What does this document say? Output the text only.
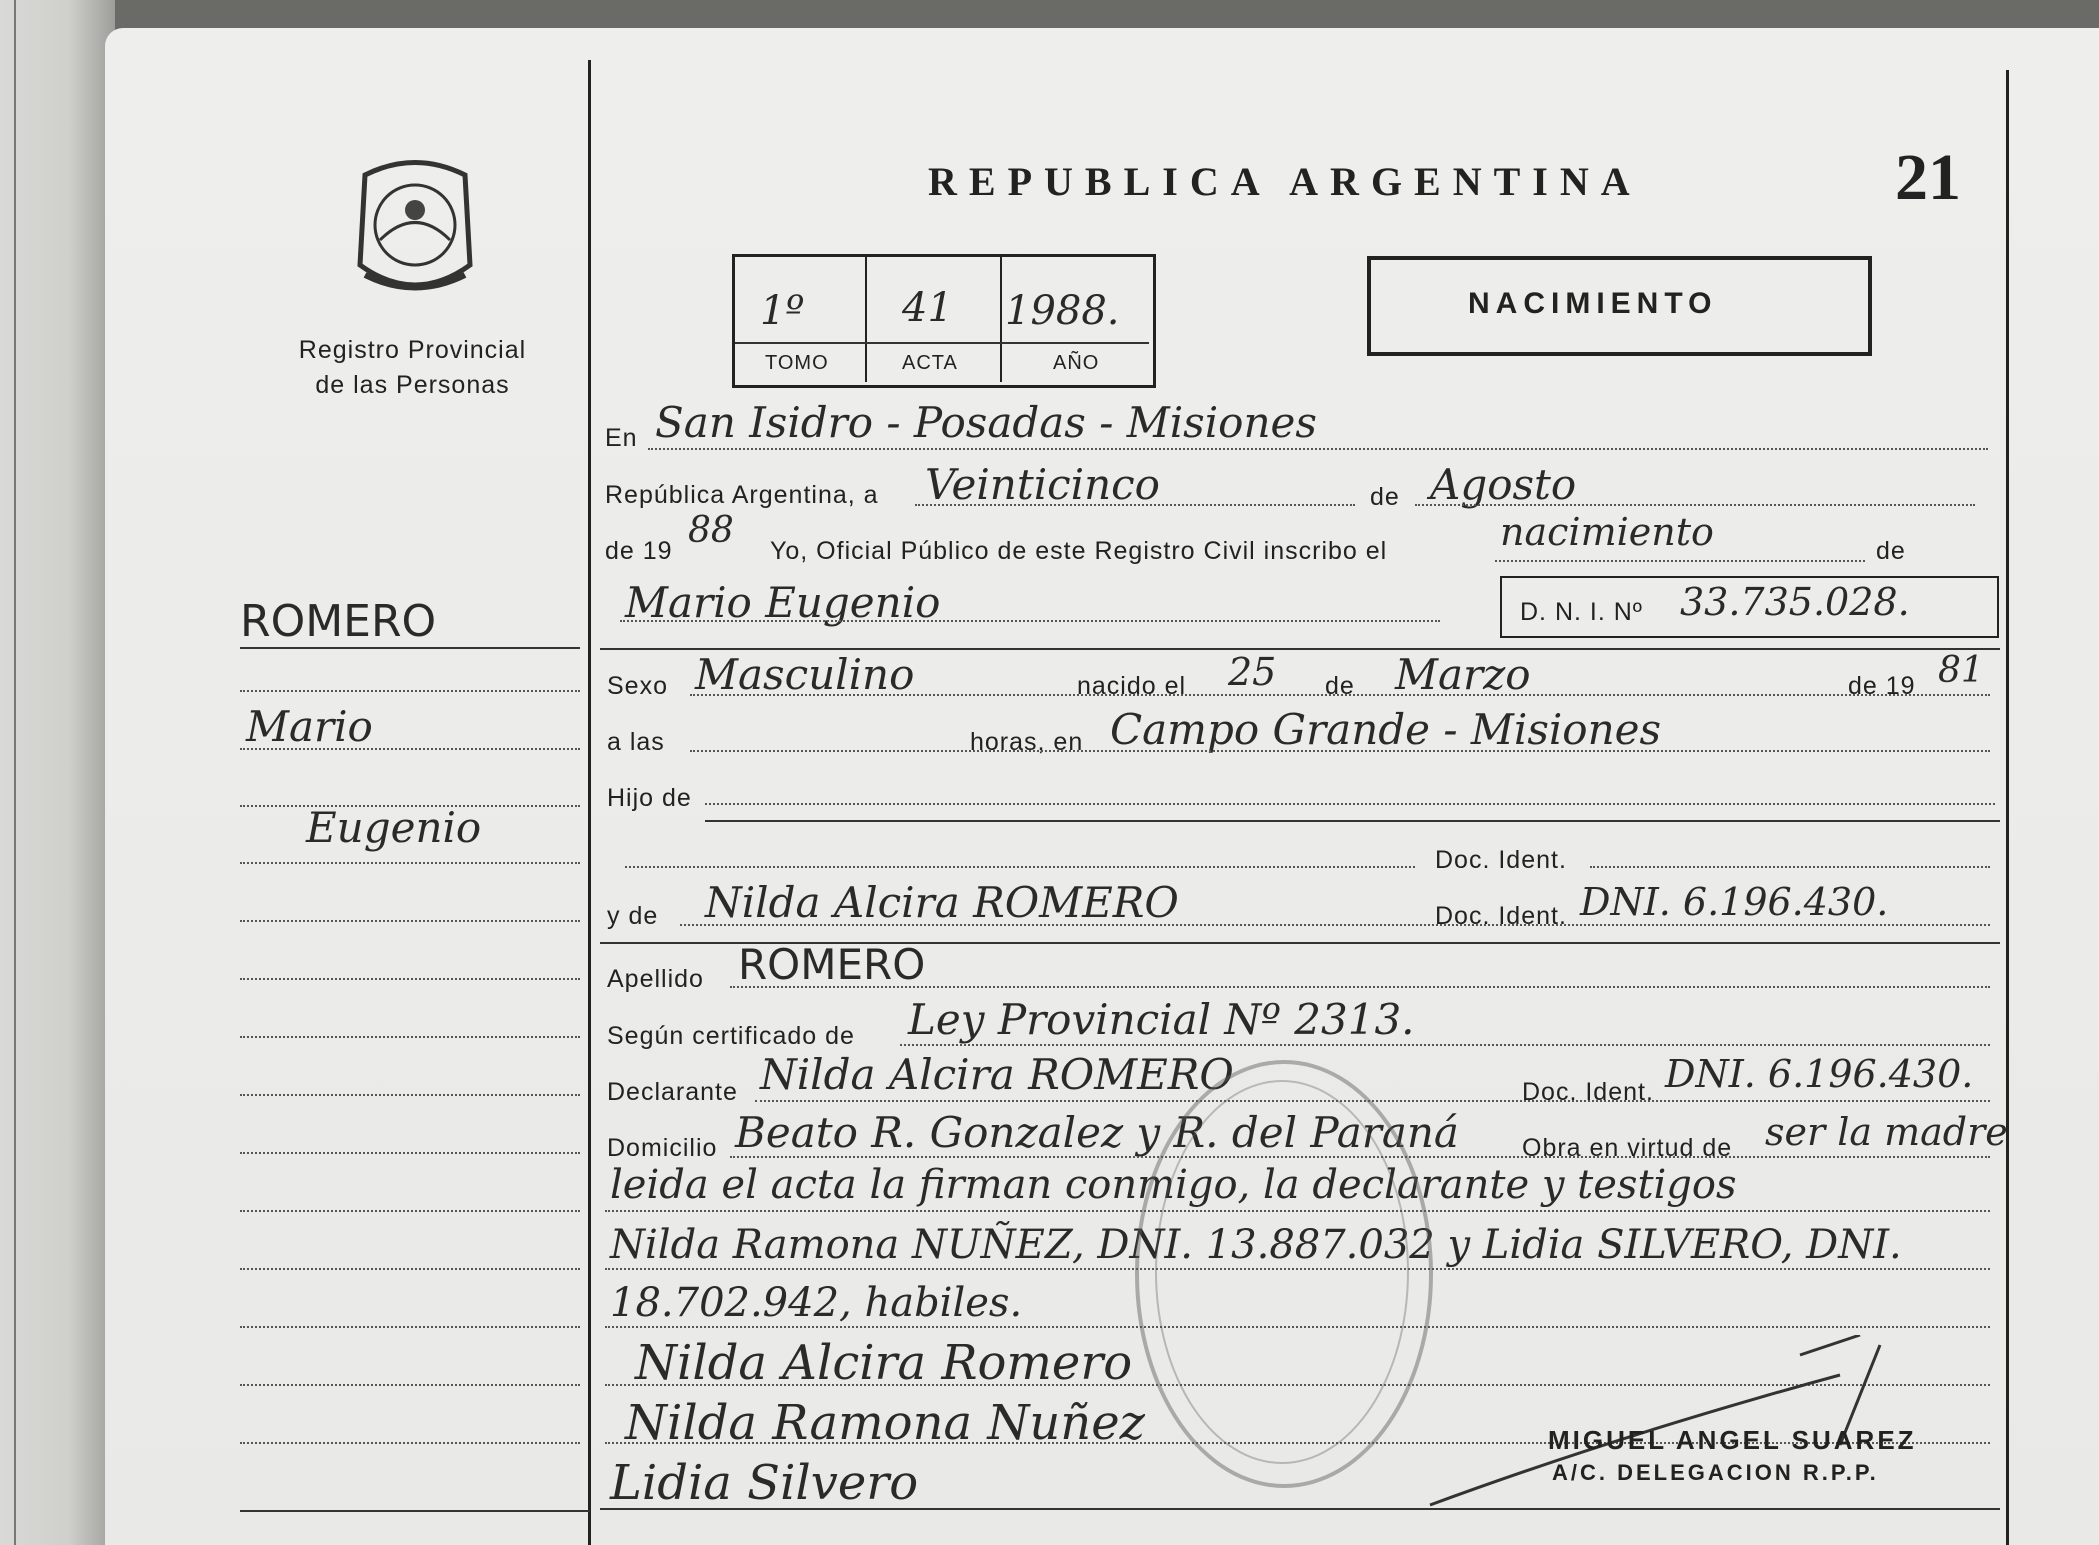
Registro Provincial
de las Personas
REPUBLICA ARGENTINA	21
1º 41 1988.
TOMO	ACTA	AÑO
NACIMIENTO
ROMERO
Mario
Eugenio
En San Isidro - Posadas - Misiones
República Argentina, a Veinticinco	de Agosto
de 19 88 Yo, Oficial Público de este Registro Civil inscribo el	nacimiento	de
Mario Eugenio	D. N. I. Nº 33.735.028.
Sexo Masculino	nacido el 25 de Marzo	de 19 81
a las	horas, en Campo Grande - Misiones
Hijo de
Doc. Ident.
y de Nilda Alcira ROMERO	Doc. Ident. DNI. 6.196.430.
Apellido ROMERO
Según certificado de Ley Provincial Nº 2313.
Declarante Nilda Alcira ROMERO	Doc. Ident. DNI. 6.196.430.
Domicilio Beato R. Gonzalez y R. del Paraná	Obra en virtud de ser la madre
leida el acta la firman conmigo, la declarante y testigos
Nilda Ramona NUÑEZ, DNI. 13.887.032 y Lidia SILVERO, DNI.
18.702.942, habiles.
Nilda Alcira Romero
Nilda Ramona Nuñez
Lidia Silvero
MIGUEL ANGEL SUAREZ
A/C. DELEGACION R.P.P.
